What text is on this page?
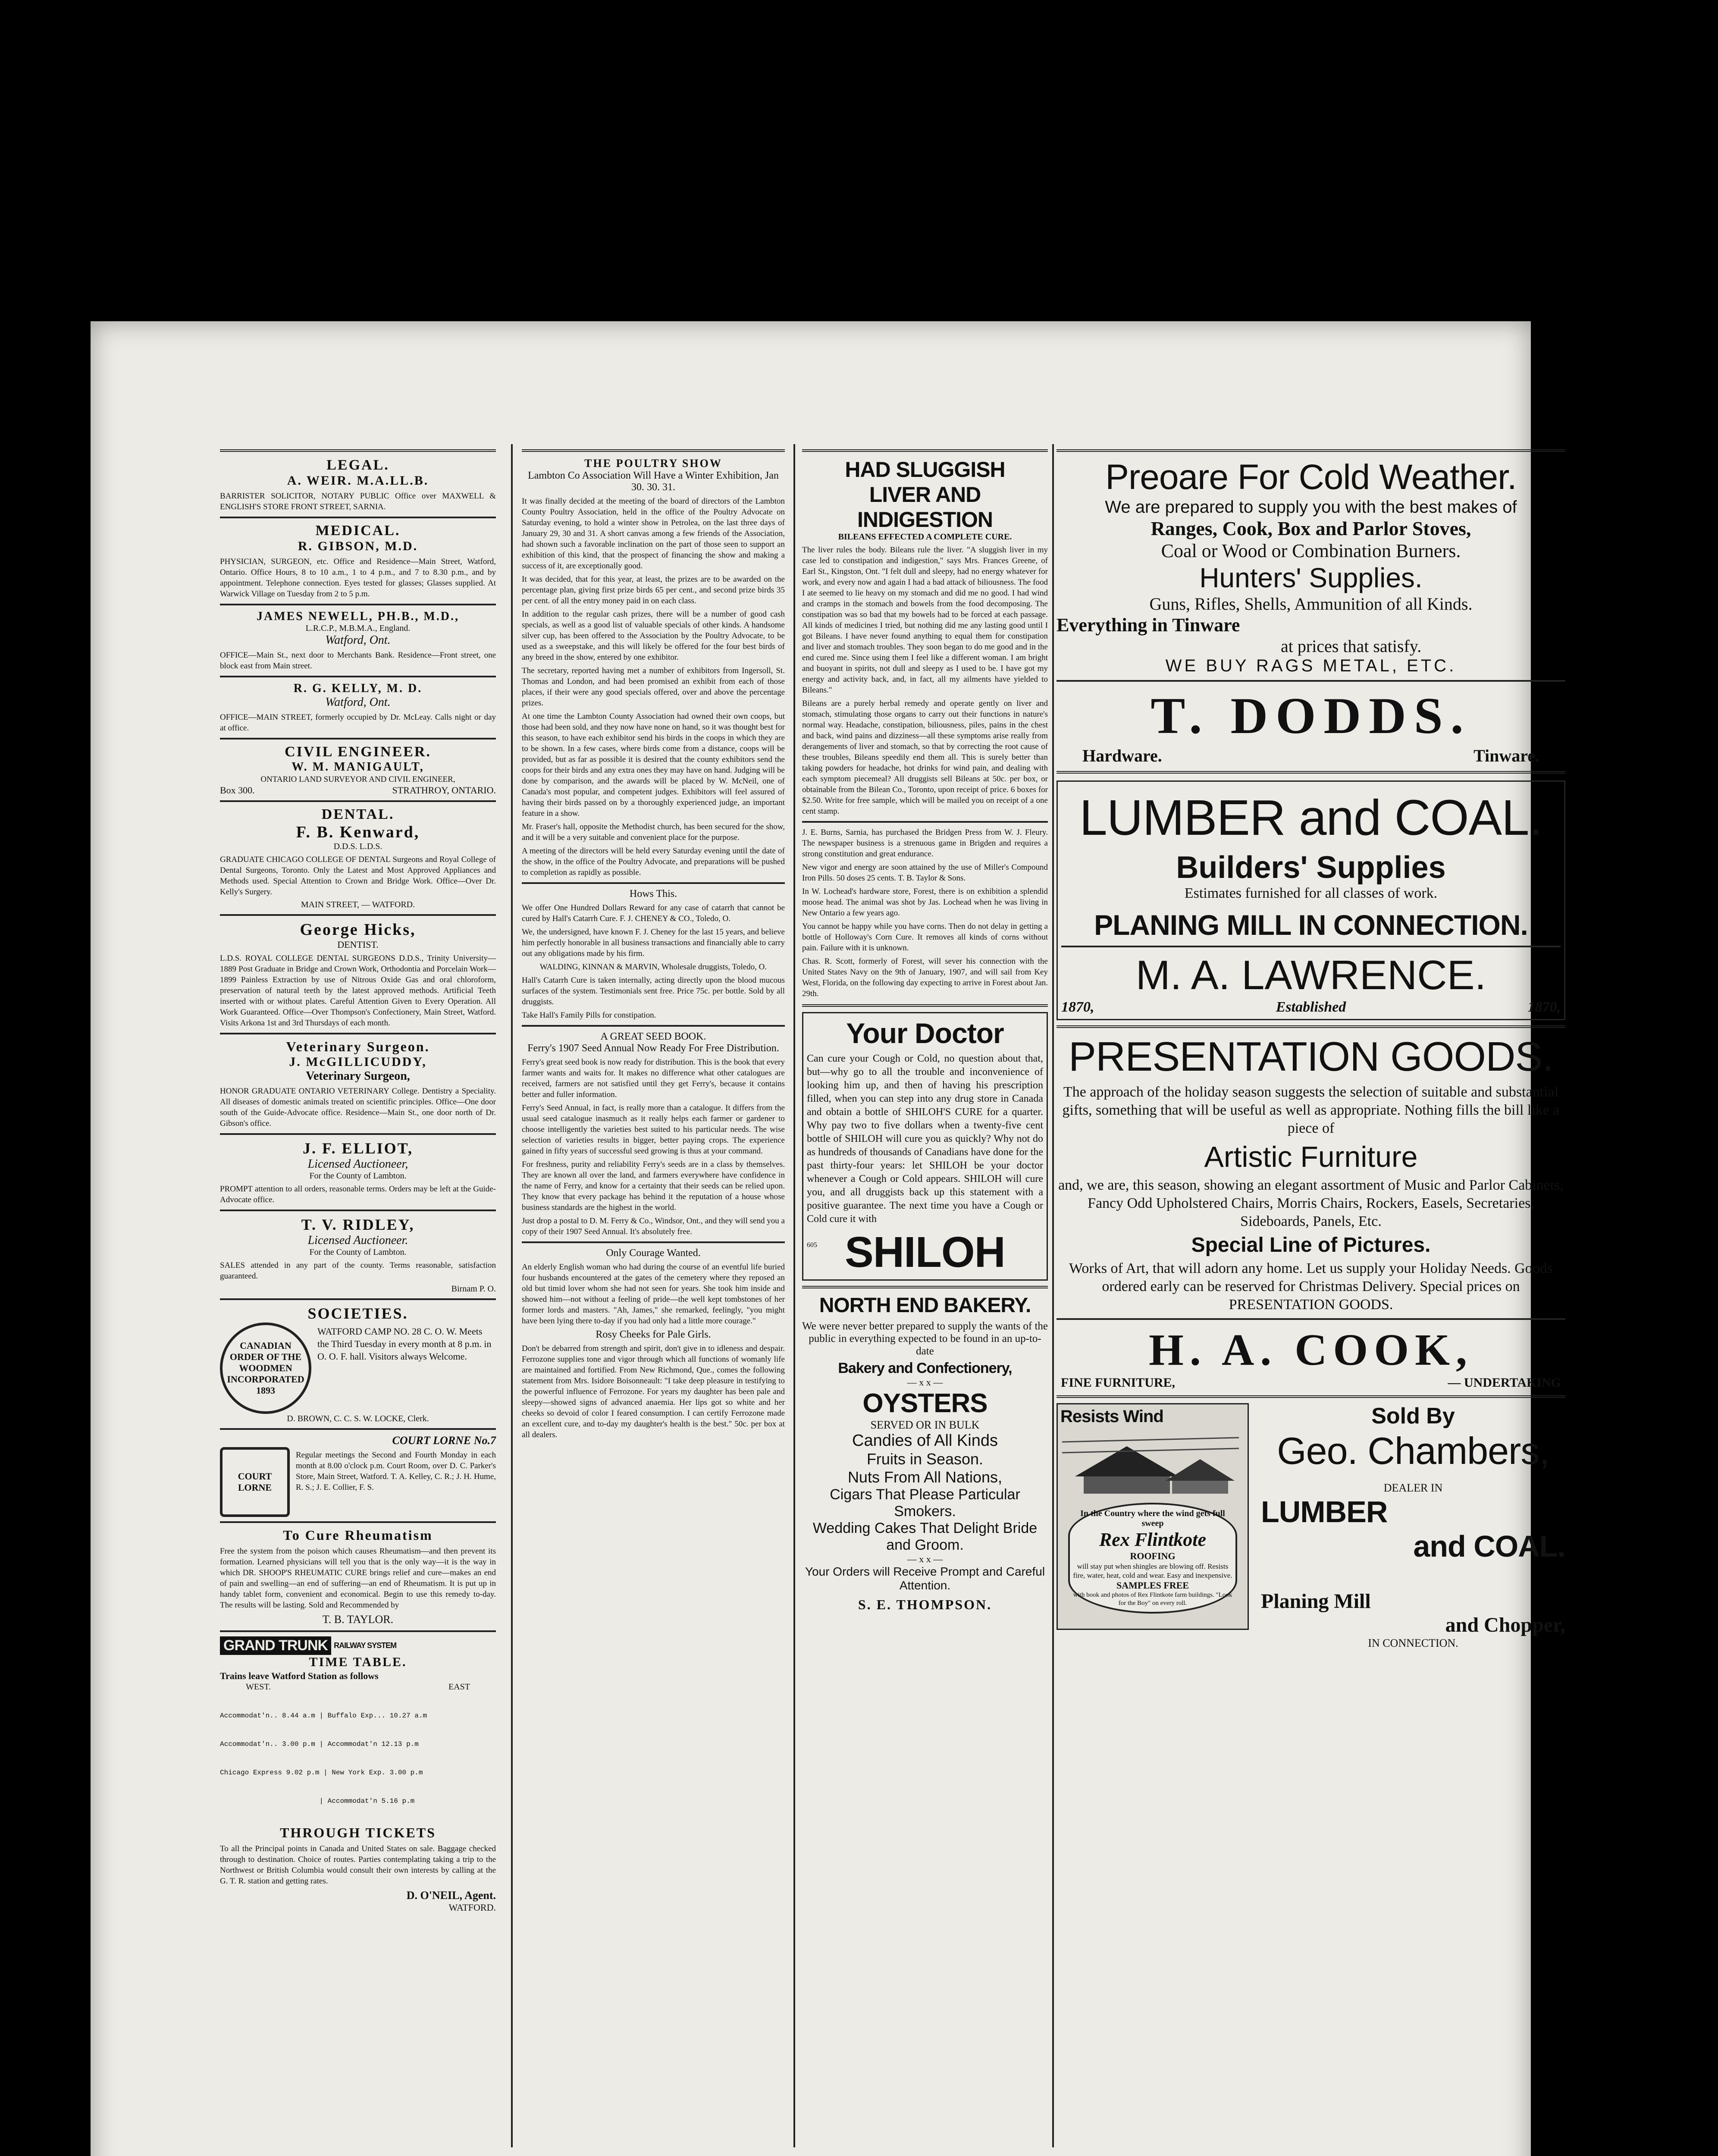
LEGAL.
A. WEIR. M.A.LL.B.

BARRISTER SOLICITOR, NOTARY PUBLIC Office over MAXWELL & ENGLISH'S STORE FRONT STREET, SARNIA.

MEDICAL.
R. GIBSON, M.D.

PHYSICIAN, SURGEON, etc. Office and Residence—Main Street, Watford, Ontario. Office Hours, 8 to 10 a.m., 1 to 4 p.m., and 7 to 8.30 p.m., and by appointment. Telephone connection. Eyes tested for glasses; Glasses supplied. At Warwick Village on Tuesday from 2 to 5 p.m.

JAMES NEWELL, PH.B., M.D.,
L.R.C.P., M.B.M.A., England.
Watford, Ont.

OFFICE—Main St., next door to Merchants Bank. Residence—Front street, one block east from Main street.

R. G. KELLY, M. D.
Watford, Ont.

OFFICE—MAIN STREET, formerly occupied by Dr. McLeay. Calls night or day at office.

CIVIL ENGINEER.
W. M. MANIGAULT,
ONTARIO LAND SURVEYOR AND CIVIL ENGINEER,
Box 300.	STRATHROY, ONTARIO.
DENTAL.
F. B. Kenward,
D.D.S. L.D.S.

GRADUATE CHICAGO COLLEGE OF DENTAL Surgeons and Royal College of Dental Surgeons, Toronto. Only the Latest and Most Approved Appliances and Methods used. Special Attention to Crown and Bridge Work. Office—Over Dr. Kelly's Surgery.

MAIN STREET, — WATFORD.
George Hicks,
DENTIST.

L.D.S. ROYAL COLLEGE DENTAL SURGEONS D.D.S., Trinity University—1889 Post Graduate in Bridge and Crown Work, Orthodontia and Porcelain Work—1899 Painless Extraction by use of Nitrous Oxide Gas and oral chloroform, preservation of natural teeth by the latest approved methods. Artificial Teeth inserted with or without plates. Careful Attention Given to Every Operation. All Work Guaranteed. Office—Over Thompson's Confectionery, Main Street, Watford. Visits Arkona 1st and 3rd Thursdays of each month.

Veterinary Surgeon.
J. McGILLICUDDY,
Veterinary Surgeon,

HONOR GRADUATE ONTARIO VETERINARY College. Dentistry a Speciality. All diseases of domestic animals treated on scientific principles. Office—One door south of the Guide-Advocate office. Residence—Main St., one door north of Dr. Gibson's office.

J. F. ELLIOT,
Licensed Auctioneer,
For the County of Lambton.

PROMPT attention to all orders, reasonable terms. Orders may be left at the Guide-Advocate office.

T. V. RIDLEY,
Licensed Auctioneer.
For the County of Lambton.

SALES attended in any part of the county. Terms reasonable, satisfaction guaranteed.

Birnam P. O.
SOCIETIES.
CANADIAN ORDER OF THE WOODMEN INCORPORATED 1893

WATFORD CAMP NO. 28 C. O. W. Meets the Third Tuesday in every month at 8 p.m. in O. O. F. hall. Visitors always Welcome.

D. BROWN, C. C. S. W. LOCKE, Clerk.
COURT LORNE No.7
COURT LORNE

Regular meetings the Second and Fourth Monday in each month at 8.00 o'clock p.m. Court Room, over D. C. Parker's Store, Main Street, Watford. T. A. Kelley, C. R.; J. H. Hume, R. S.; J. E. Collier, F. S.

To Cure Rheumatism

Free the system from the poison which causes Rheumatism—and then prevent its formation. Learned physicians will tell you that is the only way—it is the way in which DR. SHOOP'S RHEUMATIC CURE brings relief and cure—makes an end of pain and swelling—an end of suffering—an end of Rheumatism. It is put up in handy tablet form, convenient and economical. Begin to use this remedy to-day. The results will be lasting. Sold and Recommended by

T. B. TAYLOR.
GRAND TRUNK RAILWAY SYSTEM
TIME TABLE.
Trains leave Watford Station as follows
WEST.	EAST

Accommodat'n.. 8.44 a.m | Buffalo Exp... 10.27 a.m

Accommodat'n.. 3.00 p.m | Accommodat'n 12.13 p.m

Chicago Express 9.02 p.m | New York Exp. 3.00 p.m

| Accommodat'n 5.16 p.m

THROUGH TICKETS

To all the Principal points in Canada and United States on sale. Baggage checked through to destination. Choice of routes. Parties contemplating taking a trip to the Northwest or British Columbia would consult their own interests by calling at the G. T. R. station and getting rates.

D. O'NEIL, Agent.
WATFORD.
THE POULTRY SHOW
Lambton Co Association Will Have a Winter Exhibition, Jan 30. 30. 31.

It was finally decided at the meeting of the board of directors of the Lambton County Poultry Association, held in the office of the Poultry Advocate on Saturday evening, to hold a winter show in Petrolea, on the last three days of January 29, 30 and 31. A short canvas among a few friends of the Association, had shown such a favorable inclination on the part of those seen to support an exhibition of this kind, that the prospect of financing the show and making a success of it, are exceptionally good.

It was decided, that for this year, at least, the prizes are to be awarded on the percentage plan, giving first prize birds 65 per cent., and second prize birds 35 per cent. of all the entry money paid in on each class.

In addition to the regular cash prizes, there will be a number of good cash specials, as well as a good list of valuable specials of other kinds. A handsome silver cup, has been offered to the Association by the Poultry Advocate, to be used as a sweepstake, and this will likely be offered for the four best birds of any breed in the show, entered by one exhibitor.

The secretary, reported having met a number of exhibitors from Ingersoll, St. Thomas and London, and had been promised an exhibit from each of those places, if their were any good specials offered, over and above the percentage prizes.

At one time the Lambton County Association had owned their own coops, but those had been sold, and they now have none on hand, so it was thought best for this season, to have each exhibitor send his birds in the coops in which they are to be shown. In a few cases, where birds come from a distance, coops will be provided, but as far as possible it is desired that the county exhibitors send the coops for their birds and any extra ones they may have on hand. Judging will be done by comparison, and the awards will be placed by W. McNeil, one of Canada's most popular, and competent judges. Exhibitors will feel assured of having their birds passed on by a thoroughly experienced judge, an important feature in a show.

Mr. Fraser's hall, opposite the Methodist church, has been secured for the show, and it will be a very suitable and convenient place for the purpose.

A meeting of the directors will be held every Saturday evening until the date of the show, in the office of the Poultry Advocate, and preparations will be pushed to completion as rapidly as possible.

Hows This.

We offer One Hundred Dollars Reward for any case of catarrh that cannot be cured by Hall's Catarrh Cure. F. J. CHENEY & CO., Toledo, O.

We, the undersigned, have known F. J. Cheney for the last 15 years, and believe him perfectly honorable in all business transactions and financially able to carry out any obligations made by his firm.

WALDING, KINNAN & MARVIN, Wholesale druggists, Toledo, O.

Hall's Catarrh Cure is taken internally, acting directly upon the blood mucous surfaces of the system. Testimonials sent free. Price 75c. per bottle. Sold by all druggists.

Take Hall's Family Pills for constipation.

A GREAT SEED BOOK.
Ferry's 1907 Seed Annual Now Ready For Free Distribution.

Ferry's great seed book is now ready for distribution. This is the book that every farmer wants and waits for. It makes no difference what other catalogues are received, farmers are not satisfied until they get Ferry's, because it contains better and fuller information.

Ferry's Seed Annual, in fact, is really more than a catalogue. It differs from the usual seed catalogue inasmuch as it really helps each farmer or gardener to choose intelligently the varieties best suited to his particular needs. The wise selection of varieties results in bigger, better paying crops. The experience gained in fifty years of successful seed growing is thus at your command.

For freshness, purity and reliability Ferry's seeds are in a class by themselves. They are known all over the land, and farmers everywhere have confidence in the name of Ferry, and know for a certainty that their seeds can be relied upon. They know that every package has behind it the reputation of a house whose business standards are the highest in the world.

Just drop a postal to D. M. Ferry & Co., Windsor, Ont., and they will send you a copy of their 1907 Seed Annual. It's absolutely free.

Only Courage Wanted.

An elderly English woman who had during the course of an eventful life buried four husbands encountered at the gates of the cemetery where they reposed an old but timid lover whom she had not seen for years. She took him inside and showed him—not without a feeling of pride—the well kept tombstones of her former lords and masters. "Ah, James," she remarked, feelingly, "you might have been lying there to-day if you had only had a little more courage."

Rosy Cheeks for Pale Girls.

Don't be debarred from strength and spirit, don't give in to idleness and despair. Ferrozone supplies tone and vigor through which all functions of womanly life are maintained and fortified. From New Richmond, Que., comes the following statement from Mrs. Isidore Boisonneault: "I take deep pleasure in testifying to the powerful influence of Ferrozone. For years my daughter has been pale and sleepy—showed signs of advanced anaemia. Her lips got so white and her cheeks so devoid of color I feared consumption. I can certify Ferrozone made an excellent cure, and to-day my daughter's health is the best." 50c. per box at all dealers.

HAD SLUGGISH
LIVER AND
INDIGESTION
BILEANS EFFECTED A COMPLETE CURE.

The liver rules the body. Bileans rule the liver. "A sluggish liver in my case led to constipation and indigestion," says Mrs. Frances Greene, of Earl St., Kingston, Ont. "I felt dull and sleepy, had no energy whatever for work, and every now and again I had a bad attack of biliousness. The food I ate seemed to lie heavy on my stomach and did me no good. I had wind and cramps in the stomach and bowels from the food decomposing. The constipation was so bad that my bowels had to be forced at each passage. All kinds of medicines I tried, but nothing did me any lasting good until I got Bileans. I have never found anything to equal them for constipation and liver and stomach troubles. They soon began to do me good and in the end cured me. Since using them I feel like a different woman. I am bright and buoyant in spirits, not dull and sleepy as I used to be. I have got my energy and activity back, and, in fact, all my ailments have yielded to Bileans."

Bileans are a purely herbal remedy and operate gently on liver and stomach, stimulating those organs to carry out their functions in nature's normal way. Headache, constipation, biliousness, piles, pains in the chest and back, wind pains and dizziness—all these symptoms arise really from derangements of liver and stomach, so that by correcting the root cause of these troubles, Bileans speedily end them all. This is surely better than taking powders for headache, hot drinks for wind pain, and dealing with each symptom piecemeal? All druggists sell Bileans at 50c. per box, or obtainable from the Bilean Co., Toronto, upon receipt of price. 6 boxes for $2.50. Write for free sample, which will be mailed you on receipt of a one cent stamp.

J. E. Burns, Sarnia, has purchased the Bridgen Press from W. J. Fleury. The newspaper business is a strenuous game in Brigden and requires a strong constitution and great endurance.

New vigor and energy are soon attained by the use of Miller's Compound Iron Pills. 50 doses 25 cents. T. B. Taylor & Sons.

In W. Lochead's hardware store, Forest, there is on exhibition a splendid moose head. The animal was shot by Jas. Lochead when he was living in New Ontario a few years ago.

You cannot be happy while you have corns. Then do not delay in getting a bottle of Holloway's Corn Cure. It removes all kinds of corns without pain. Failure with it is unknown.

Chas. R. Scott, formerly of Forest, will sever his connection with the United States Navy on the 9th of January, 1907, and will sail from Key West, Florida, on the following day expecting to arrive in Forest about Jan. 29th.

Your Doctor

Can cure your Cough or Cold, no question about that, but—why go to all the trouble and inconvenience of looking him up, and then of having his prescription filled, when you can step into any drug store in Canada and obtain a bottle of SHILOH'S CURE for a quarter. Why pay two to five dollars when a twenty-five cent bottle of SHILOH will cure you as quickly? Why not do as hundreds of thousands of Canadians have done for the past thirty-four years: let SHILOH be your doctor whenever a Cough or Cold appears. SHILOH will cure you, and all druggists back up this statement with a positive guarantee. The next time you have a Cough or Cold cure it with

605 SHILOH
NORTH END BAKERY.

We were never better prepared to supply the wants of the public in everything expected to be found in an up-to-date

Bakery and Confectionery,
— x x —
OYSTERS
SERVED OR IN BULK
Candies of All Kinds
Fruits in Season.
Nuts From All Nations,
Cigars That Please Particular Smokers.
Wedding Cakes That Delight Bride and Groom.
— x x —
Your Orders will Receive Prompt and Careful Attention.
S. E. THOMPSON.
Preoare For Cold Weather.
We are prepared to supply you with the best makes of
Ranges, Cook, Box and Parlor Stoves,
Coal or Wood or Combination Burners.
Hunters' Supplies.
Guns, Rifles, Shells, Ammunition of all Kinds.
Everything in Tinware
at prices that satisfy.
WE BUY RAGS METAL, ETC.
T. DODDS.
Hardware.	Tinware.
LUMBER and COAL.
Builders' Supplies
Estimates furnished for all classes of work.
PLANING MILL IN CONNECTION.
M. A. LAWRENCE.
1870,	Established	1870,
PRESENTATION GOODS.

The approach of the holiday season suggests the selection of suitable and substantial gifts, something that will be useful as well as appropriate. Nothing fills the bill like a piece of

Artistic Furniture

and, we are, this season, showing an elegant assortment of Music and Parlor Cabinets, Fancy Odd Upholstered Chairs, Morris Chairs, Rockers, Easels, Secretaries, Sideboards, Panels, Etc.

Special Line of Pictures.

Works of Art, that will adorn any home. Let us supply your Holiday Needs. Goods ordered early can be reserved for Christmas Delivery. Special prices on PRESENTATION GOODS.

H. A. COOK,
FINE FURNITURE,	— UNDERTAKING
Resists Wind
In the Country where the wind gets full sweep
Rex Flintkote
ROOFING
will stay put when shingles are blowing off. Resists fire, water, heat, cold and wear. Easy and inexpensive.
SAMPLES FREE
with book and photos of Rex Flintkote farm buildings. "Look for the Boy" on every roll.
Sold By
Geo. Chambers,
DEALER IN
LUMBER
and COAL.
Planing Mill
and Chopper,
IN CONNECTION.
